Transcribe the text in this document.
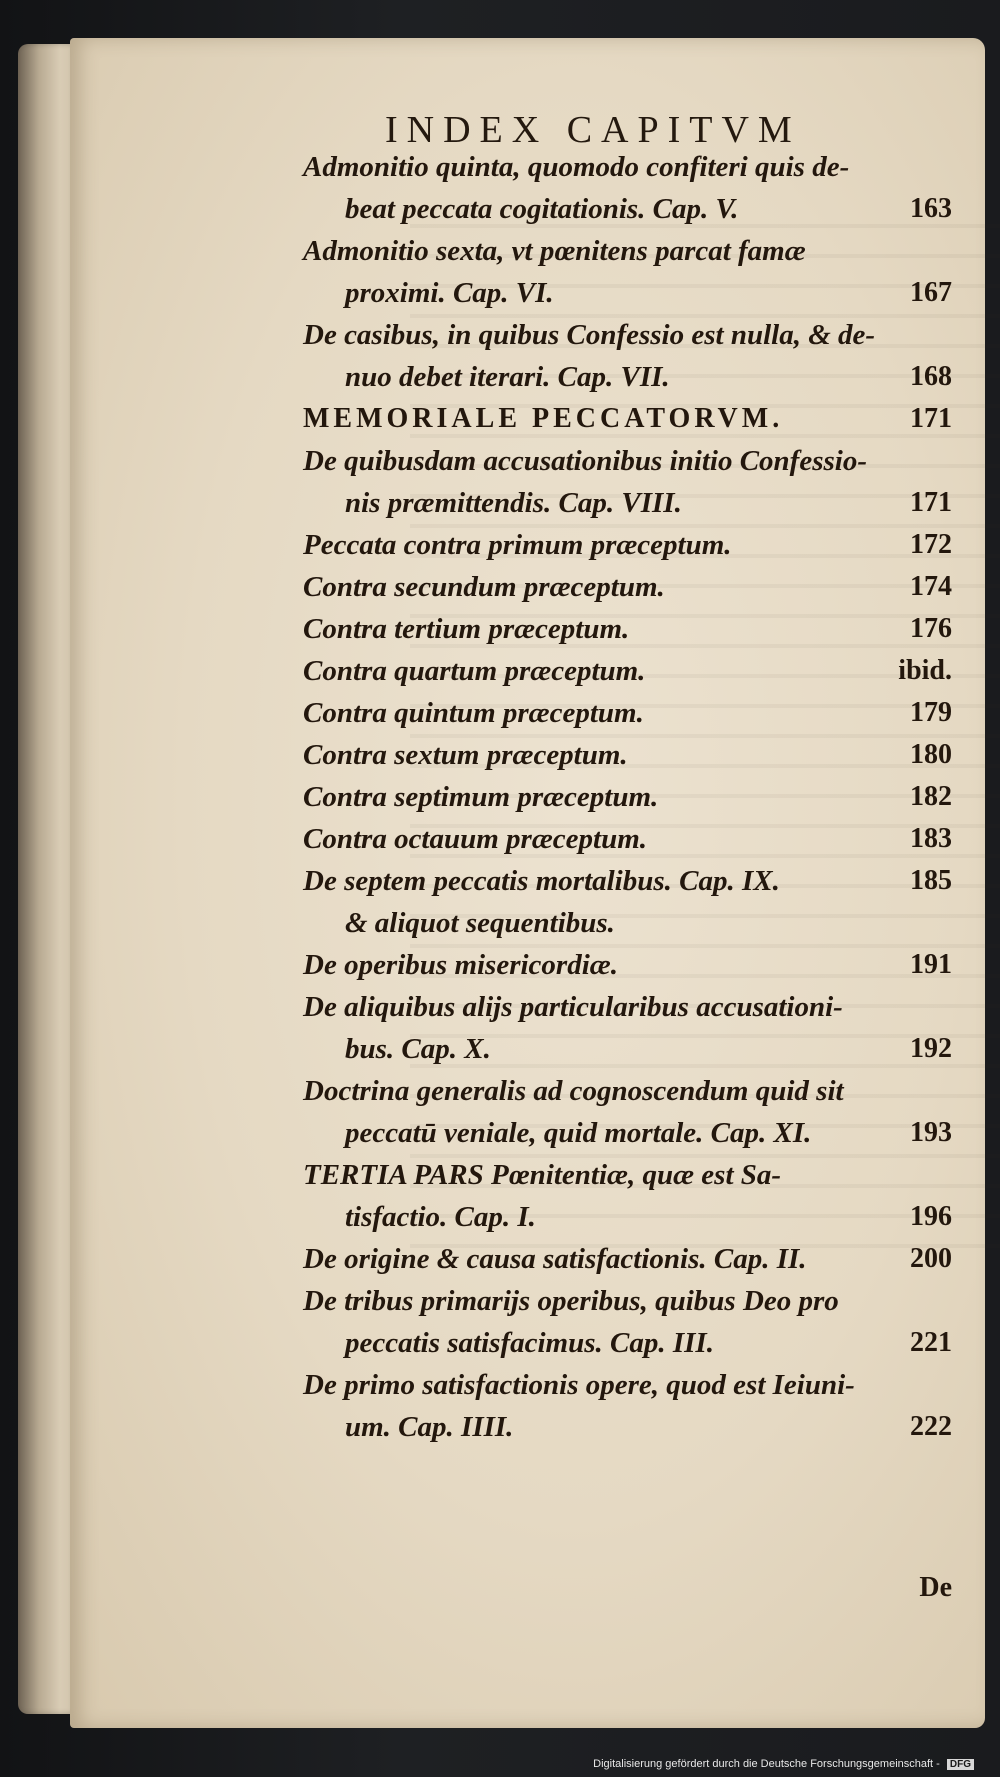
INDEX CAPITVM
Admonitio quinta, quomodo confiteri quis de-
beat peccata cogitationis. Cap. V.	163
Admonitio sexta, vt pœnitens parcat famæ
proximi. Cap. VI.	167
De casibus, in quibus Confessio est nulla, & de-
nuo debet iterari. Cap. VII.	168
MEMORIALE PECCATORVM.	171
De quibusdam accusationibus initio Confessio-
nis præmittendis. Cap. VIII.	171
Peccata contra primum præceptum.	172
Contra secundum præceptum.	174
Contra tertium præceptum.	176
Contra quartum præceptum.	ibid.
Contra quintum præceptum.	179
Contra sextum præceptum.	180
Contra septimum præceptum.	182
Contra octauum præceptum.	183
De septem peccatis mortalibus. Cap. IX.	185
& aliquot sequentibus.
De operibus misericordiæ.	191
De aliquibus alijs particularibus accusationi-
bus. Cap. X.	192
Doctrina generalis ad cognoscendum quid sit
peccatū veniale, quid mortale. Cap. XI.	193
TERTIA PARS Pœnitentiæ, quæ est Sa-
tisfactio. Cap. I.	196
De origine & causa satisfactionis. Cap. II.	200
De tribus primarijs operibus, quibus Deo pro
peccatis satisfacimus. Cap. III.	221
De primo satisfactionis opere, quod est Ieiuni-
um. Cap. IIII.	222
De
Digitalisierung gefördert durch die Deutsche Forschungsgemeinschaft - DFG
